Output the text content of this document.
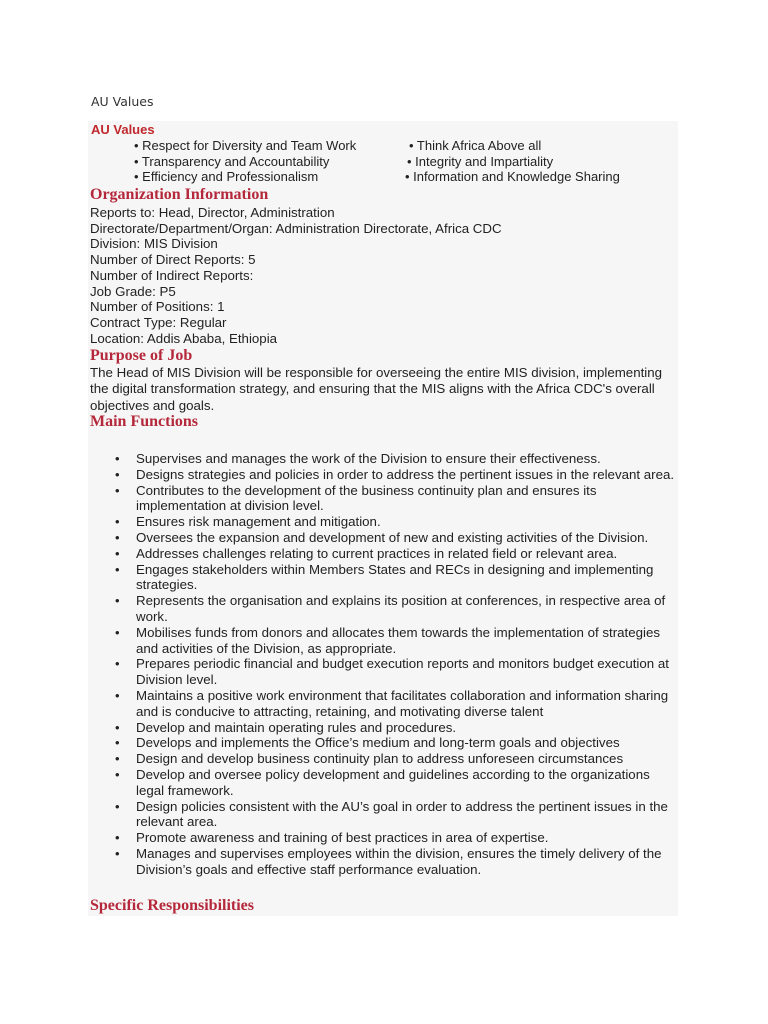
AU Values
AU Values
• Respect for Diversity and Team Work
• Transparency and Accountability
• Efficiency and Professionalism
• Think Africa Above all
• Integrity and Impartiality
• Information and Knowledge Sharing
Organization Information
Reports to: Head, Director, Administration
Directorate/Department/Organ: Administration Directorate, Africa CDC
Division: MIS Division
Number of Direct Reports: 5
Number of Indirect Reports:
Job Grade: P5
Number of Positions: 1
Contract Type: Regular
Location: Addis Ababa, Ethiopia
Purpose of Job
The Head of MIS Division will be responsible for overseeing the entire MIS division, implementing the digital transformation strategy, and ensuring that the MIS aligns with the Africa CDC's overall objectives and goals.
Main Functions
• Supervises and manages the work of the Division to ensure their effectiveness.
• Designs strategies and policies in order to address the pertinent issues in the relevant area.
• Contributes to the development of the business continuity plan and ensures its implementation at division level.
• Ensures risk management and mitigation.
• Oversees the expansion and development of new and existing activities of the Division.
• Addresses challenges relating to current practices in related field or relevant area.
• Engages stakeholders within Members States and RECs in designing and implementing strategies.
• Represents the organisation and explains its position at conferences, in respective area of work.
• Mobilises funds from donors and allocates them towards the implementation of strategies and activities of the Division, as appropriate.
• Prepares periodic financial and budget execution reports and monitors budget execution at Division level.
• Maintains a positive work environment that facilitates collaboration and information sharing and is conducive to attracting, retaining, and motivating diverse talent
• Develop and maintain operating rules and procedures.
• Develops and implements the Office’s medium and long-term goals and objectives
• Design and develop business continuity plan to address unforeseen circumstances
• Develop and oversee policy development and guidelines according to the organizations legal framework.
• Design policies consistent with the AU’s goal in order to address the pertinent issues in the relevant area.
• Promote awareness and training of best practices in area of expertise.
• Manages and supervises employees within the division, ensures the timely delivery of the Division’s goals and effective staff performance evaluation.
Specific Responsibilities
